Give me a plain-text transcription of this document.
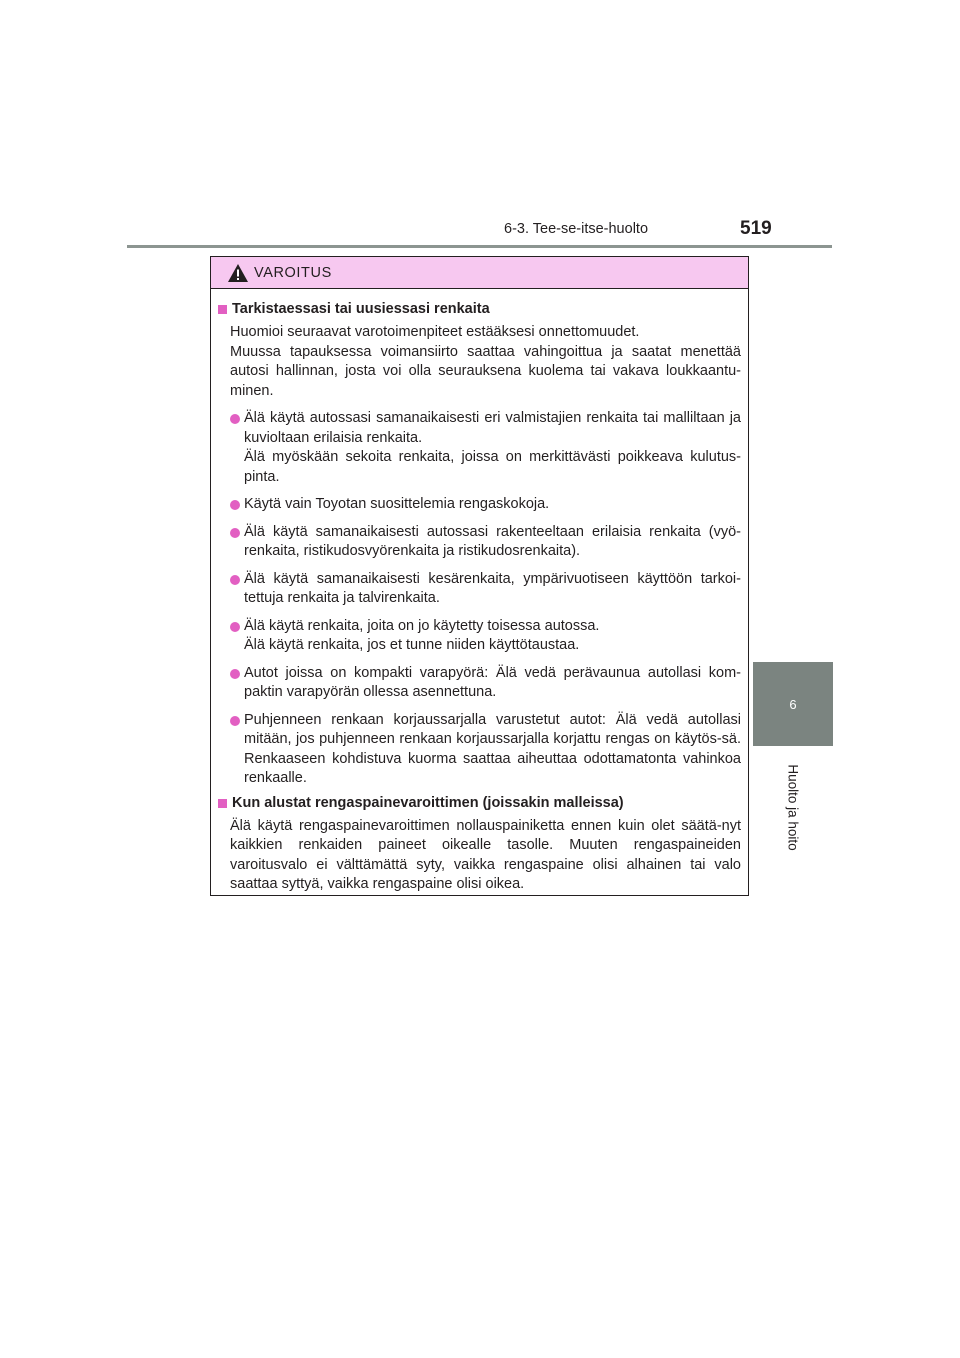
6-3. Tee-se-itse-huolto	519
6
Huolto ja hoito
VAROITUS
Tarkistaessasi tai uusiessasi renkaita
Huomioi seuraavat varotoimenpiteet estääksesi onnettomuudet.
Muussa tapauksessa voimansiirto saattaa vahingoittua ja saatat menettää autosi hallinnan, josta voi olla seurauksena kuolema tai vakava loukkaantu-minen.
Älä käytä autossasi samanaikaisesti eri valmistajien renkaita tai malliltaan ja kuvioltaan erilaisia renkaita.
Älä myöskään sekoita renkaita, joissa on merkittävästi poikkeava kulutus-pinta.
Käytä vain Toyotan suosittelemia rengaskokoja.
Älä käytä samanaikaisesti autossasi rakenteeltaan erilaisia renkaita (vyö-renkaita, ristikudosvyörenkaita ja ristikudosrenkaita).
Älä käytä samanaikaisesti kesärenkaita, ympärivuotiseen käyttöön tarkoi-tettuja renkaita ja talvirenkaita.
Älä käytä renkaita, joita on jo käytetty toisessa autossa.
Älä käytä renkaita, jos et tunne niiden käyttötaustaa.
Autot joissa on kompakti varapyörä: Älä vedä perävaunua autollasi kom-paktin varapyörän ollessa asennettuna.
Puhjenneen renkaan korjaussarjalla varustetut autot: Älä vedä autollasi mitään, jos puhjenneen renkaan korjaussarjalla korjattu rengas on käytös-sä. Renkaaseen kohdistuva kuorma saattaa aiheuttaa odottamatonta vahinkoa renkaalle.
Kun alustat rengaspainevaroittimen (joissakin malleissa)
Älä käytä rengaspainevaroittimen nollauspainiketta ennen kuin olet säätä-nyt kaikkien renkaiden paineet oikealle tasolle. Muuten rengaspaineiden varoitusvalo ei välttämättä syty, vaikka rengaspaine olisi alhainen tai valo saattaa syttyä, vaikka rengaspaine olisi oikea.
